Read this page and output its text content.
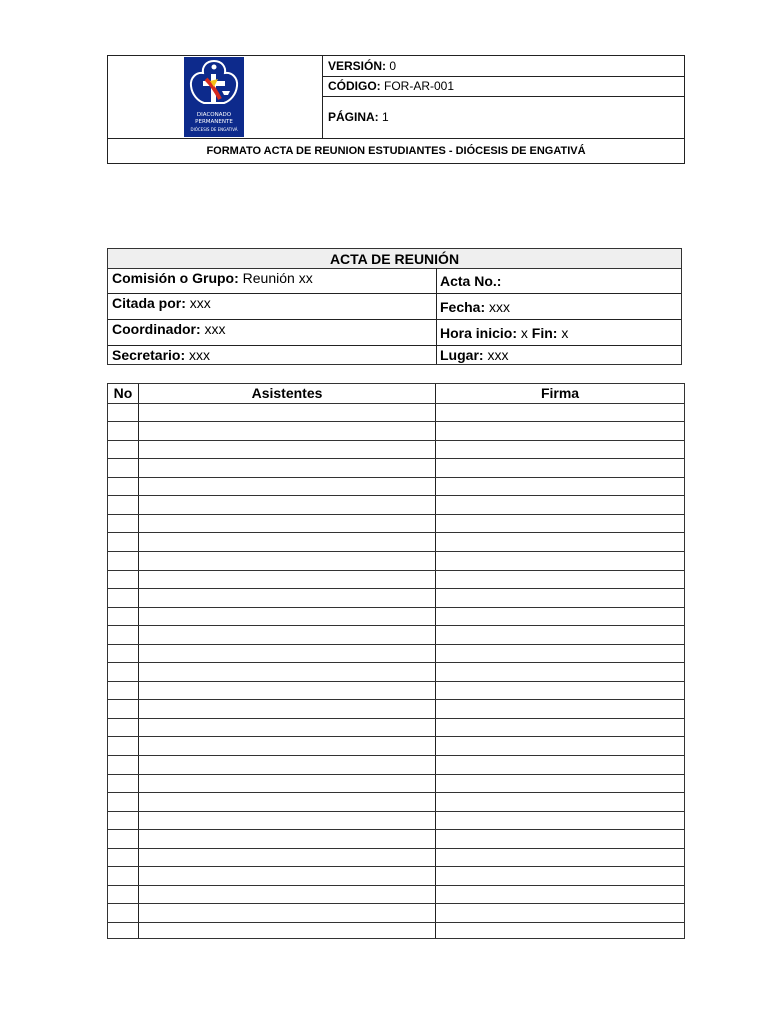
DIACONADO
PERMANENTE
DIÓCESIS DE ENGATIVÁ
VERSIÓN: 0
CÓDIGO: FOR-AR-001
PÁGINA: 1
FORMATO ACTA DE REUNION ESTUDIANTES - DIÓCESIS DE ENGATIVÁ
ACTA DE REUNIÓN
Comisión o Grupo: Reunión xx	Acta No.:
Citada por: xxx	Fecha: xxx
Coordinador: xxx	Hora inicio: x Fin: x
Secretario: xxx	Lugar: xxx
No	Asistentes	Firma
